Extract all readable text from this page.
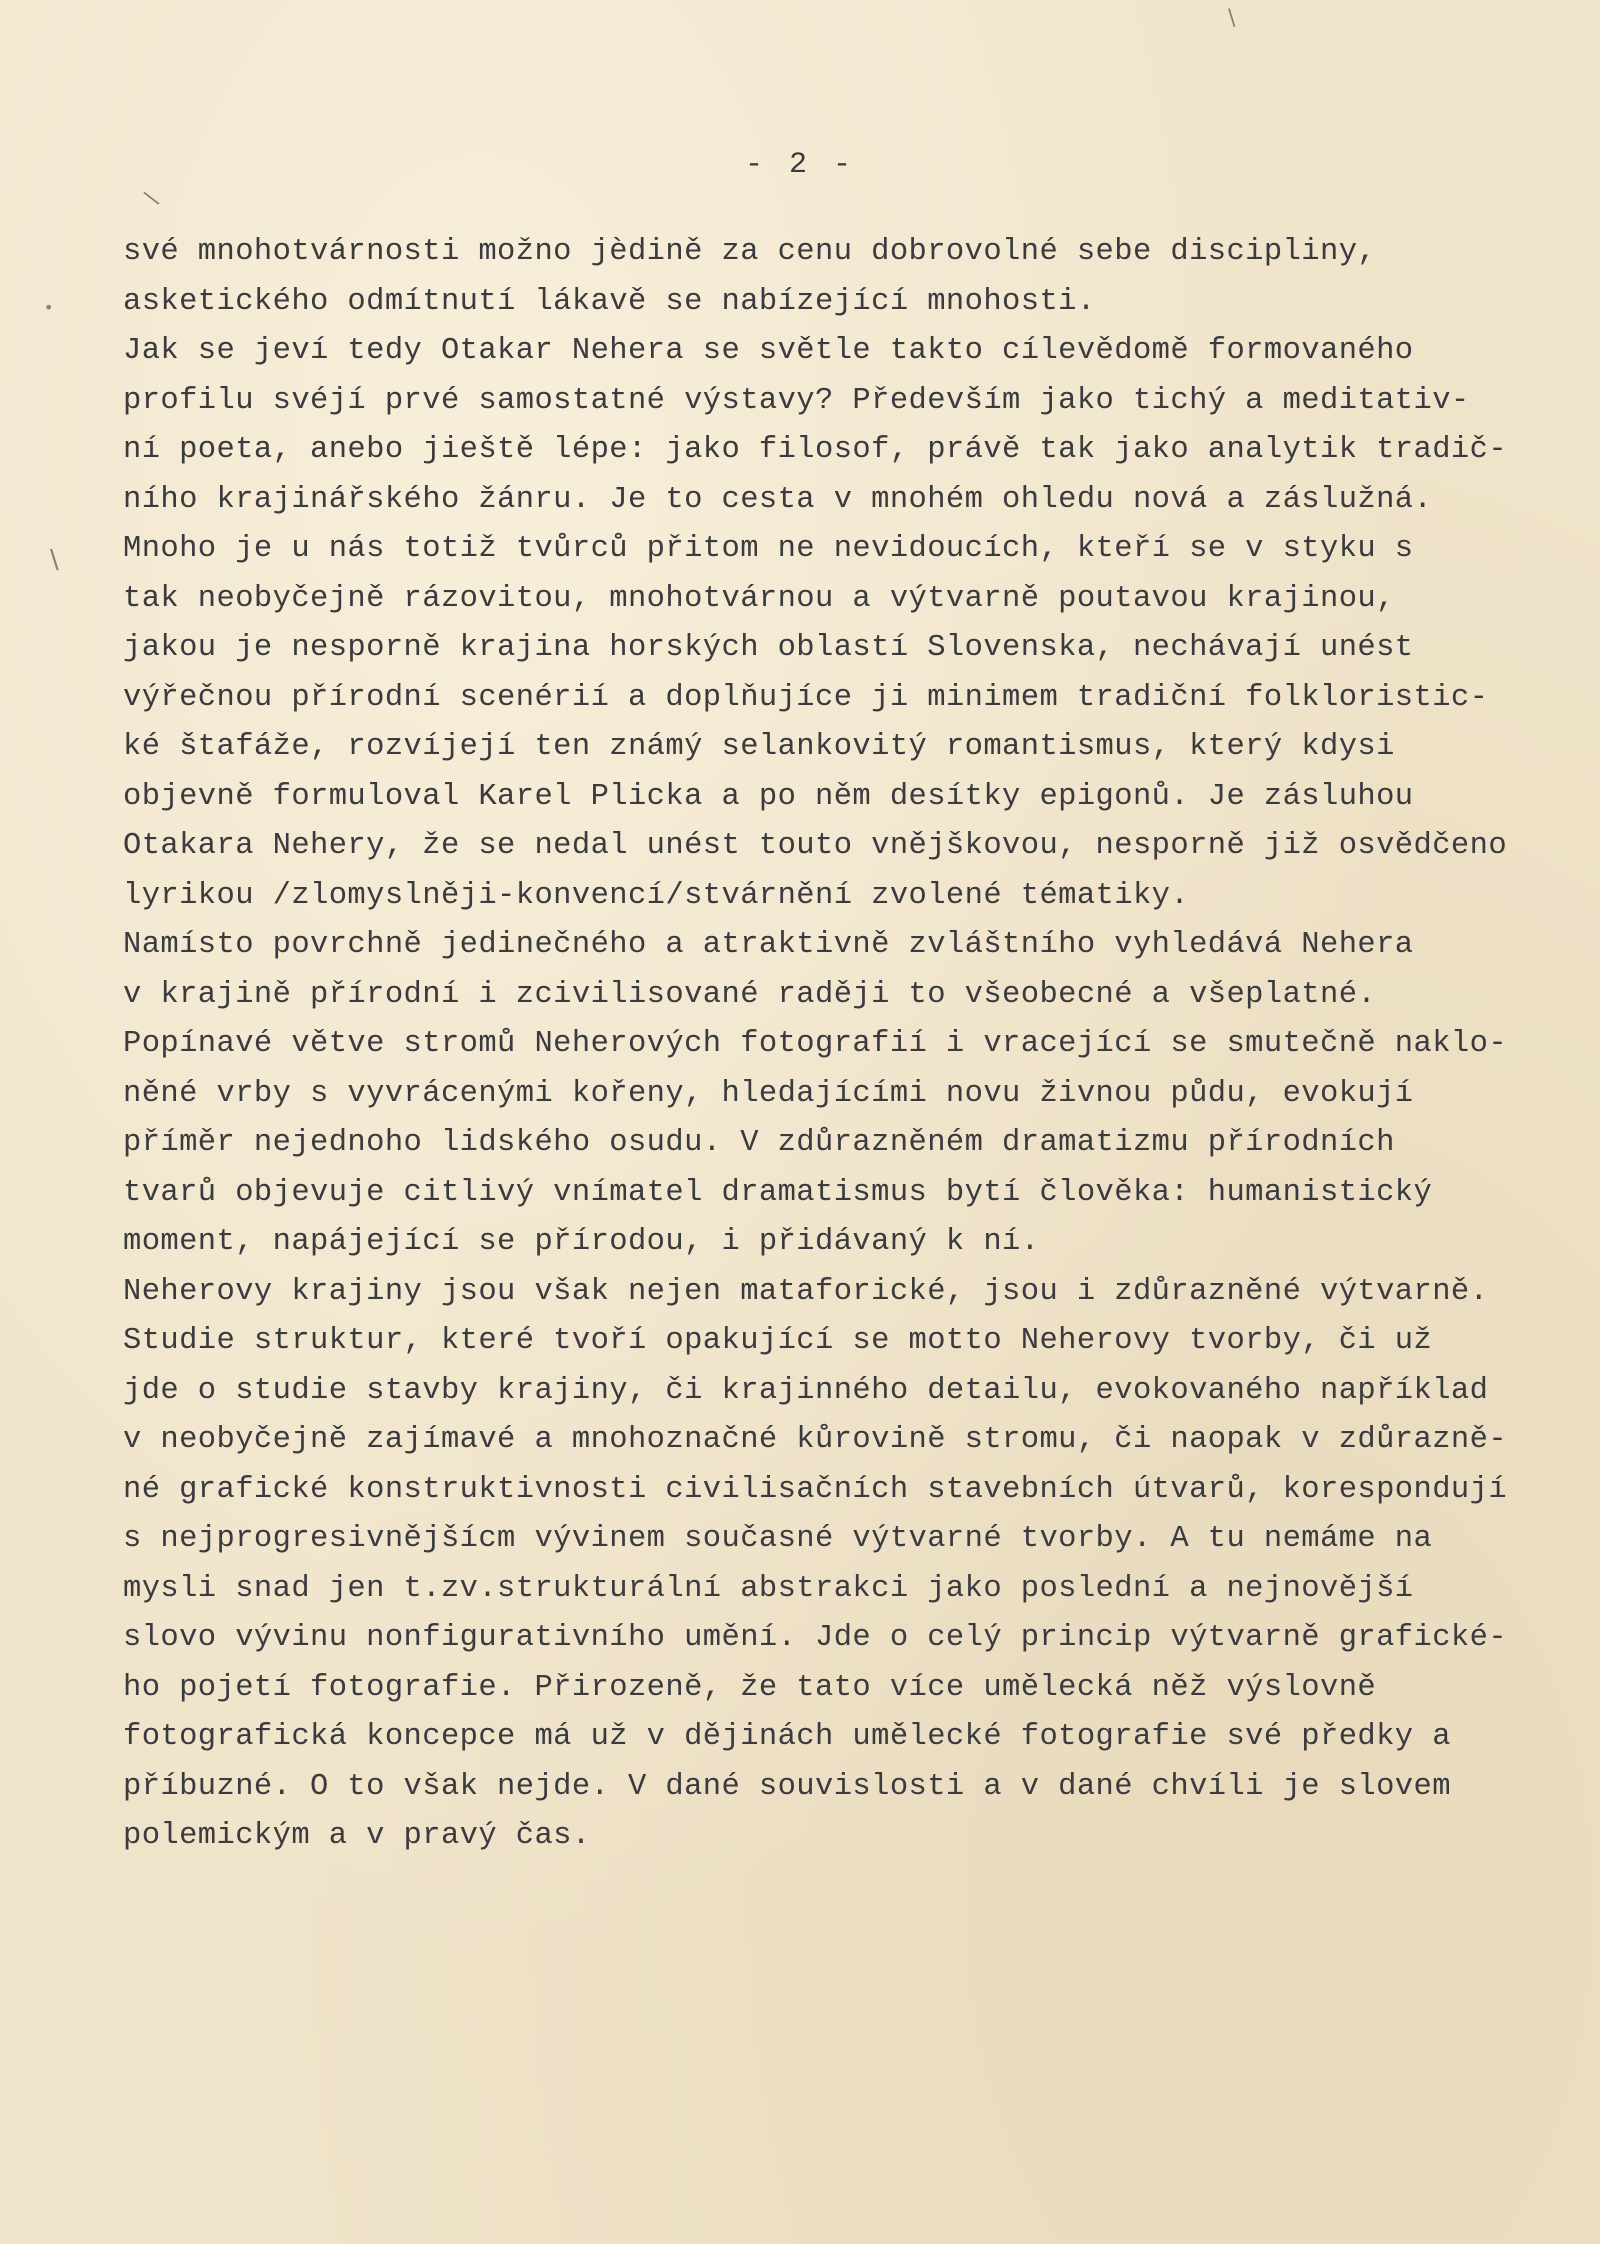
\
•
\
\
- 2 -
své mnohotvárnosti možno jèdině za cenu dobrovolné sebe discipliny,
asketického odmítnutí lákavě se nabízející mnohosti.
Jak se jeví tedy Otakar Nehera se světle takto cílevědomě formovaného
profilu svéjí prvé samostatné výstavy? Především jako tichý a meditativ-
ní poeta, anebo jieště lépe: jako filosof, právě tak jako analytik tradič-
ního krajinářského žánru. Je to cesta v mnohém ohledu nová a záslužná.
Mnoho je u nás totiž tvůrců přitom ne nevidoucích, kteří se v styku s
tak neobyčejně rázovitou, mnohotvárnou a výtvarně poutavou krajinou,
jakou je nesporně krajina horských oblastí Slovenska, nechávají unést
výřečnou přírodní scenérií a doplňujíce ji minimem tradiční folkloristic-
ké štafáže, rozvíjejí ten známý selankovitý romantismus, který kdysi
objevně formuloval Karel Plicka a po něm desítky epigonů. Je zásluhou
Otakara Nehery, že se nedal unést touto vnějškovou, nesporně již osvědčeno
lyrikou /zlomyslněji-konvencí/stvárnění zvolené tématiky.
Namísto povrchně jedinečného a atraktivně zvláštního vyhledává Nehera
v krajině přírodní i zcivilisované raději to všeobecné a všeplatné.
Popínavé větve stromů Neherových fotografií i vracející se smutečně naklo-
něné vrby s vyvrácenými kořeny, hledajícími novu živnou půdu, evokují
příměr nejednoho lidského osudu. V zdůrazněném dramatizmu přírodních
tvarů objevuje citlivý vnímatel dramatismus bytí člověka: humanistický
moment, napájející se přírodou, i přidávaný k ní.
Neherovy krajiny jsou však nejen mataforické, jsou i zdůrazněné výtvarně.
Studie struktur, které tvoří opakující se motto Neherovy tvorby, či už
jde o studie stavby krajiny, či krajinného detailu, evokovaného například
v neobyčejně zajímavé a mnohoznačné kůrovině stromu, či naopak v zdůrazně-
né grafické konstruktivnosti civilisačních stavebních útvarů, korespondují
s nejprogresivnějšícm vývinem současné výtvarné tvorby. A tu nemáme na
mysli snad jen t.zv.strukturální abstrakci jako poslední a nejnovější
slovo vývinu nonfigurativního umění. Jde o celý princip výtvarně grafické-
ho pojetí fotografie. Přirozeně, že tato více umělecká něž výslovně
fotografická koncepce má už v dějinách umělecké fotografie své předky a
příbuzné. O to však nejde. V dané souvislosti a v dané chvíli je slovem
polemickým a v pravý čas.
